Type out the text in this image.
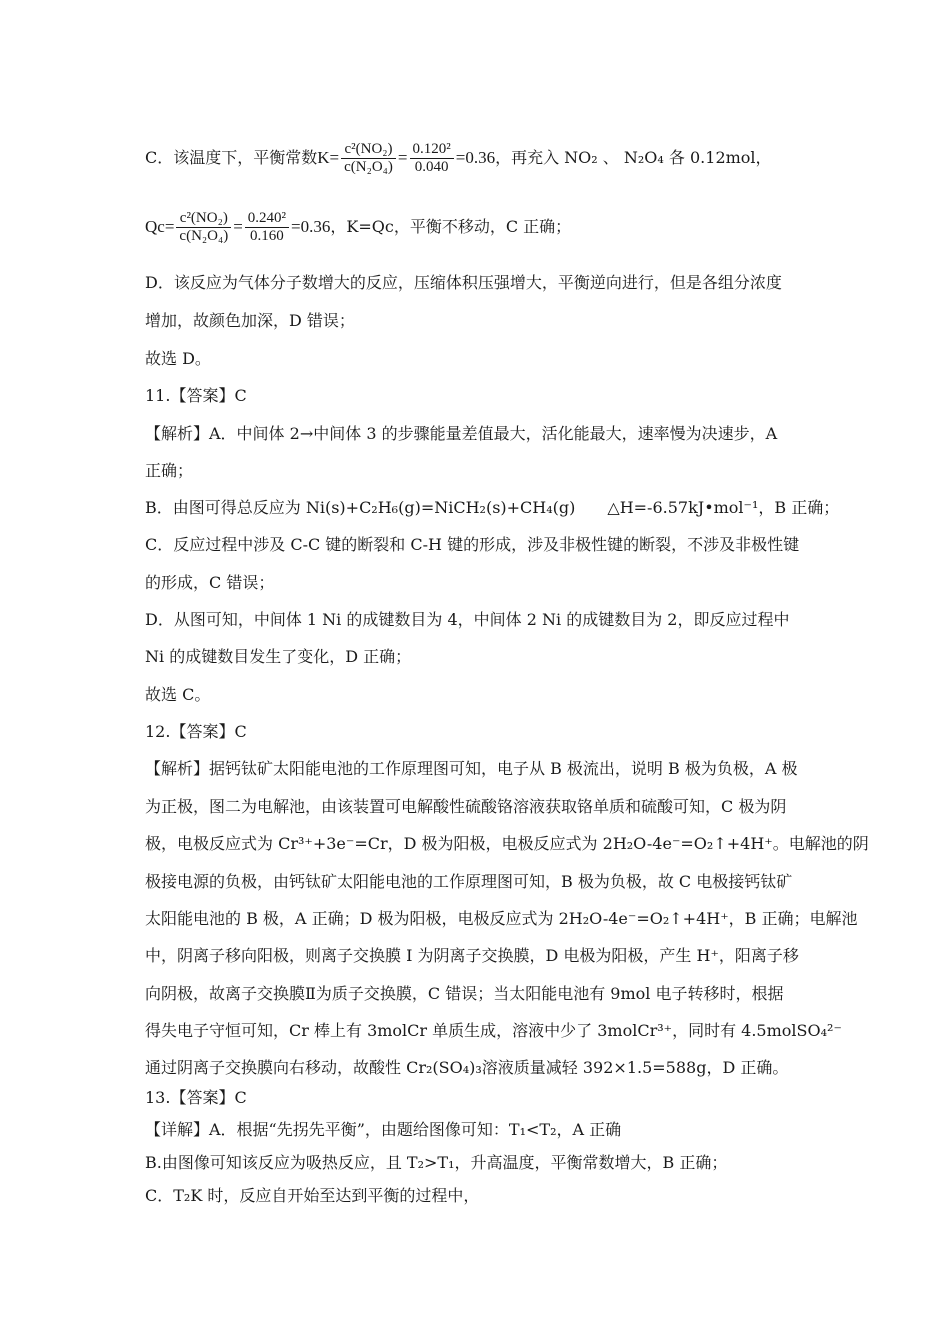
C．该温度下，平衡常数$K= \frac{\text{c²(NO₂)}}{\text{c(N₂O₄)}} = \frac{\text{0.120²}}{0.040} =0.36$，再充入 NO₂ 、 N₂O₄ 各 0.12mol，
$Qc= \frac{\text{c²(NO₂)}}{\text{c(N₂O₄)}} = \frac{\text{0.240²}}{0.160} =0.36$，K=Qc，平衡不移动，C 正确；
D．该反应为气体分子数增大的反应，压缩体积压强增大，平衡逆向进行，但是各组分浓度
增加，故颜色加深，D 错误；
故选 D。
11.【答案】C
【解析】A．中间体 2→中间体 3 的步骤能量差值最大，活化能最大，速率慢为决速步，A
正确；
B．由图可得总反应为 Ni(s)+C₂H₆(g)=NiCH₂(s)+CH₄(g)　　△H=-6.57kJ•mol⁻¹，B 正确；
C．反应过程中涉及 C-C 键的断裂和 C-H 键的形成，涉及非极性键的断裂，不涉及非极性键
的形成，C 错误；
D．从图可知，中间体 1 Ni 的成键数目为 4，中间体 2 Ni 的成键数目为 2，即反应过程中
Ni 的成键数目发生了变化，D 正确；
故选 C。
12.【答案】C
【解析】据钙钛矿太阳能电池的工作原理图可知，电子从 B 极流出，说明 B 极为负极，A 极
为正极，图二为电解池，由该装置可电解酸性硫酸铬溶液获取铬单质和硫酸可知，C 极为阴
极，电极反应式为 Cr³⁺+3e⁻=Cr，D 极为阳极，电极反应式为 2H₂O-4e⁻=O₂↑+4H⁺。电解池的阴
极接电源的负极，由钙钛矿太阳能电池的工作原理图可知，B 极为负极，故 C 电极接钙钛矿
太阳能电池的 B 极，A 正确；D 极为阳极，电极反应式为 2H₂O-4e⁻=O₂↑+4H⁺，B 正确；电解池
中，阴离子移向阳极，则离子交换膜 I 为阴离子交换膜，D 电极为阳极，产生 H⁺，阳离子移
向阴极，故离子交换膜Ⅱ为质子交换膜，C 错误；当太阳能电池有 9mol 电子转移时，根据
得失电子守恒可知，Cr 棒上有 3molCr 单质生成，溶液中少了 3molCr³⁺，同时有 4.5molSO₄²⁻
通过阴离子交换膜向右移动，故酸性 Cr₂(SO₄)₃溶液质量减轻 392×1.5=588g，D 正确。
13.【答案】C
【详解】A．根据“先拐先平衡”，由题给图像可知：T₁<T₂，A 正确
B.由图像可知该反应为吸热反应，且 T₂>T₁，升高温度，平衡常数增大，B 正确；
C．T₂K 时，反应自开始至达到平衡的过程中，
